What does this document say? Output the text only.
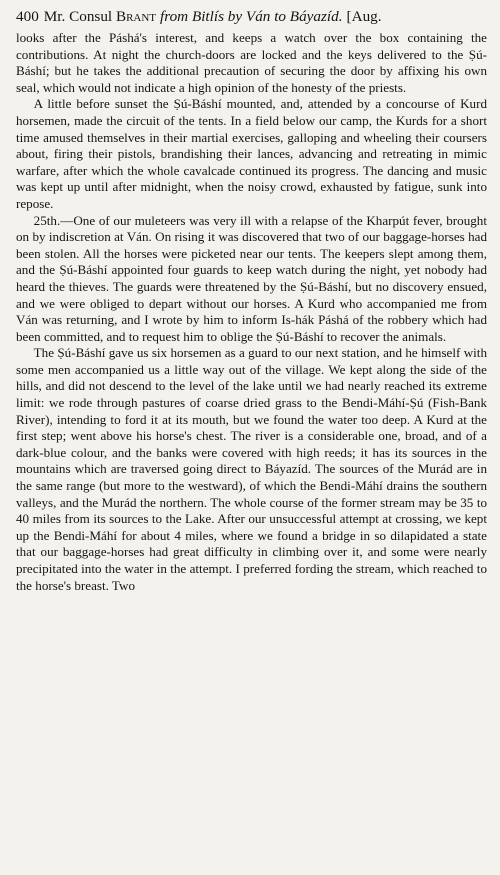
400 Mr. Consul Brant from Bitlís by Ván to Báyazíd. [Aug.

looks after the Páshá's interest, and keeps a watch over the box containing the contributions. At night the church-doors are locked and the keys delivered to the Ṣú-Báshí; but he takes the additional precaution of securing the door by affixing his own seal, which would not indicate a high opinion of the honesty of the priests.

A little before sunset the Ṣú-Báshí mounted, and, attended by a concourse of Kurd horsemen, made the circuit of the tents. In a field below our camp, the Kurds for a short time amused themselves in their martial exercises, galloping and wheeling their coursers about, firing their pistols, brandishing their lances, advancing and retreating in mimic warfare, after which the whole cavalcade continued its progress. The dancing and music was kept up until after midnight, when the noisy crowd, exhausted by fatigue, sunk into repose.

25th.—One of our muleteers was very ill with a relapse of the Kharpút fever, brought on by indiscretion at Ván. On rising it was discovered that two of our baggage-horses had been stolen. All the horses were picketed near our tents. The keepers slept among them, and the Ṣú-Báshí appointed four guards to keep watch during the night, yet nobody had heard the thieves. The guards were threatened by the Ṣú-Báshí, but no discovery ensued, and we were obliged to depart without our horses. A Kurd who accompanied me from Ván was returning, and I wrote by him to inform Is-hák Páshá of the robbery which had been committed, and to request him to oblige the Ṣú-Báshí to recover the animals.

The Ṣú-Báshí gave us six horsemen as a guard to our next station, and he himself with some men accompanied us a little way out of the village. We kept along the side of the hills, and did not descend to the level of the lake until we had nearly reached its extreme limit: we rode through pastures of coarse dried grass to the Bendi-Máhí-Ṣú (Fish-Bank River), intending to ford it at its mouth, but we found the water too deep. A Kurd at the first step; went above his horse's chest. The river is a considerable one, broad, and of a dark-blue colour, and the banks were covered with high reeds; it has its sources in the mountains which are traversed going direct to Báyazíd. The sources of the Murád are in the same range (but more to the westward), of which the Bendi-Máhí drains the southern valleys, and the Murád the northern. The whole course of the former stream may be 35 to 40 miles from its sources to the Lake. After our unsuccessful attempt at crossing, we kept up the Bendi-Máhí for about 4 miles, where we found a bridge in so dilapidated a state that our baggage-horses had great difficulty in climbing over it, and some were nearly precipitated into the water in the attempt. I preferred fording the stream, which reached to the horse's breast. Two
